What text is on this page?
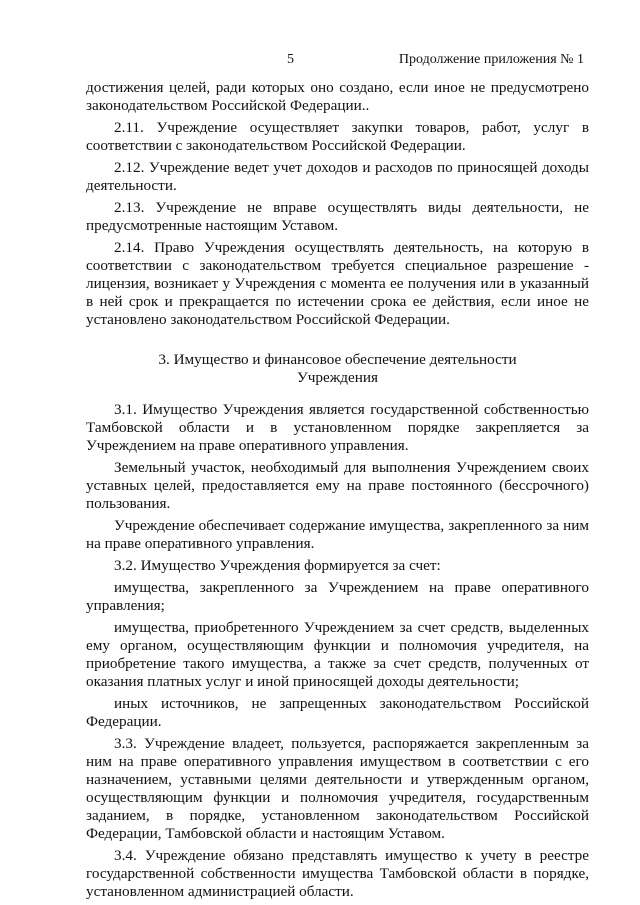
5	Продолжение приложения № 1

достижения целей, ради которых оно создано, если иное не предусмотрено законодательством Российской Федерации..

2.11. Учреждение осуществляет закупки товаров, работ, услуг в соответствии с законодательством Российской Федерации.

2.12. Учреждение ведет учет доходов и расходов по приносящей доходы деятельности.

2.13. Учреждение не вправе осуществлять виды деятельности, не предусмотренные настоящим Уставом.

2.14. Право Учреждения осуществлять деятельность, на которую в соответствии с законодательством требуется специальное разрешение - лицензия, возникает у Учреждения с момента ее получения или в указанный в ней срок и прекращается по истечении срока ее действия, если иное не установлено законодательством Российской Федерации.

3. Имущество и финансовое обеспечение деятельности
Учреждения

3.1. Имущество Учреждения является государственной собственностью Тамбовской области и в установленном порядке закрепляется за Учреждением на праве оперативного управления.

Земельный участок, необходимый для выполнения Учреждением своих уставных целей, предоставляется ему на праве постоянного (бессрочного) пользования.

Учреждение обеспечивает содержание имущества, закрепленного за ним на праве оперативного управления.

3.2. Имущество Учреждения формируется за счет:

имущества, закрепленного за Учреждением на праве оперативного управления;

имущества, приобретенного Учреждением за счет средств, выделенных ему органом, осуществляющим функции и полномочия учредителя, на приобретение такого имущества, а также за счет средств, полученных от оказания платных услуг и иной приносящей доходы деятельности;

иных источников, не запрещенных законодательством Российской Федерации.

3.3. Учреждение владеет, пользуется, распоряжается закрепленным за ним на праве оперативного управления имуществом в соответствии с его назначением, уставными целями деятельности и утвержденным органом, осуществляющим функции и полномочия учредителя, государственным заданием, в порядке, установленном законодательством Российской Федерации, Тамбовской области и настоящим Уставом.

3.4. Учреждение обязано представлять имущество к учету в реестре государственной собственности имущества Тамбовской области в порядке, установленном администрацией области.
